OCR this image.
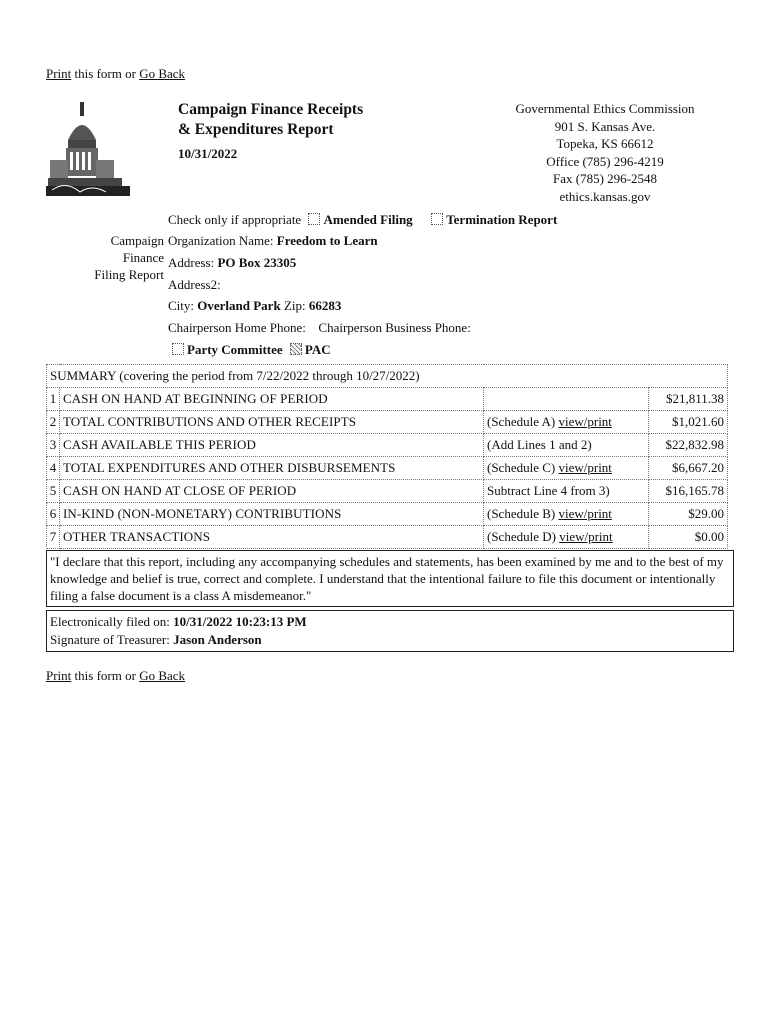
Print this form or Go Back
Campaign Finance Receipts
& Expenditures Report
10/31/2022
Governmental Ethics Commission
901 S. Kansas Ave.
Topeka, KS 66612
Office (785) 296-4219
Fax (785) 296-2548
ethics.kansas.gov
Check only if appropriate Amended Filing	Termination Report
Campaign
Finance
Filing Report
Organization Name: Freedom to Learn
Address: PO Box 23305
Address2:
City: Overland Park Zip: 66283
Chairperson Home Phone: Chairperson Business Phone:
Party Committee PAC
SUMMARY (covering the period from 7/22/2022 through 10/27/2022)			
1	CASH ON HAND AT BEGINNING OF PERIOD		$21,811.38
2	TOTAL CONTRIBUTIONS AND OTHER RECEIPTS	(Schedule A) view/print	$1,021.60
3	CASH AVAILABLE THIS PERIOD	(Add Lines 1 and 2)	$22,832.98
4	TOTAL EXPENDITURES AND OTHER DISBURSEMENTS	(Schedule C) view/print	$6,667.20
5	CASH ON HAND AT CLOSE OF PERIOD	Subtract Line 4 from 3)	$16,165.78
6	IN-KIND (NON-MONETARY) CONTRIBUTIONS	(Schedule B) view/print	$29.00
7	OTHER TRANSACTIONS	(Schedule D) view/print	$0.00
"I declare that this report, including any accompanying schedules and statements, has been examined by me and to the best of my knowledge and belief is true, correct and complete. I understand that the intentional failure to file this document or intentionally filing a false document is a class A misdemeanor."
Electronically filed on: 10/31/2022 10:23:13 PM
Signature of Treasurer: Jason Anderson
Print this form or Go Back
